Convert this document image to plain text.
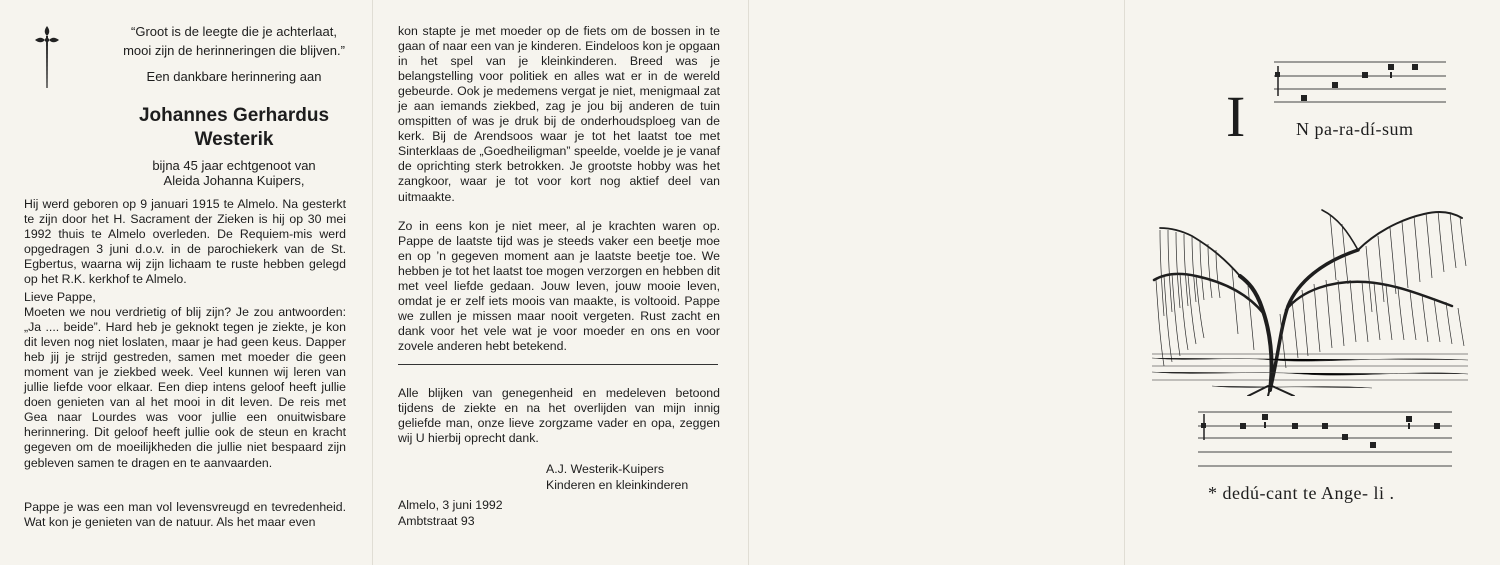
“Groot is de leegte die je achterlaat,
mooi zijn de herinneringen die blijven.”
Een dankbare herinnering aan
Johannes Gerhardus
Westerik
bijna 45 jaar echtgenoot van
Aleida Johanna Kuipers,
Hij werd geboren op 9 januari 1915 te Almelo. Na gesterkt te zijn door het H. Sacrament der Zieken is hij op 30 mei 1992 thuis te Almelo overleden. De Requiem-mis werd opgedragen 3 juni d.o.v. in de parochiekerk van de St. Egbertus, waarna wij zijn lichaam te ruste hebben gelegd op het R.K. kerkhof te Almelo.

Lieve Pappe,

Moeten we nou verdrietig of blij zijn? Je zou antwoorden: „Ja .... beide”. Hard heb je geknokt tegen je ziekte, je kon dit leven nog niet loslaten, maar je had geen keus. Dapper heb jij je strijd gestreden, samen met moeder die geen moment van je ziekbed week. Veel kunnen wij leren van jullie liefde voor elkaar. Een diep intens geloof heeft jullie doen genieten van al het mooi in dit leven. De reis met Gea naar Lourdes was voor jullie een onuitwisbare herinnering. Dit geloof heeft jullie ook de steun en kracht gegeven om de moeilijkheden die jullie niet bespaard zijn gebleven samen te dragen en te aanvaarden.

Pappe je was een man vol levensvreugd en tevredenheid. Wat kon je genieten van de natuur. Als het maar even
kon stapte je met moeder op de fiets om de bossen in te gaan of naar een van je kinderen. Eindeloos kon je opgaan in het spel van je kleinkinderen. Breed was je belangstelling voor politiek en alles wat er in de wereld gebeurde. Ook je medemens vergat je niet, menigmaal zat je aan iemands ziekbed, zag je jou bij anderen de tuin omspitten of was je druk bij de onderhoudsploeg van de kerk. Bij de Arendsoos waar je tot het laatst toe met Sinterklaas de „Goedheiligman” speelde, voelde je je vanaf de oprichting sterk betrokken. Je grootste hobby was het zangkoor, waar je tot voor kort nog aktief deel van uitmaakte.
Zo in eens kon je niet meer, al je krachten waren op. Pappe de laatste tijd was je steeds vaker een beetje moe en op ’n gegeven moment aan je laatste beetje toe. We hebben je tot het laatst toe mogen verzorgen en hebben dit met veel liefde gedaan. Jouw leven, jouw mooie leven, omdat je er zelf iets moois van maakte, is voltooid. Pappe we zullen je missen maar nooit vergeten. Rust zacht en dank voor het vele wat je voor moeder en ons en voor zovele anderen hebt betekend.
Alle blijken van genegenheid en medeleven betoond tijdens de ziekte en na het overlijden van mijn innig geliefde man, onze lieve zorgzame vader en opa, zeggen wij U hierbij oprecht dank.
A.J. Westerik-Kuipers
Kinderen en kleinkinderen
Almelo, 3 juni 1992
Ambtstraat 93
I	N pa-ra-dí-sum
* dedú-cant te Ange- li .
